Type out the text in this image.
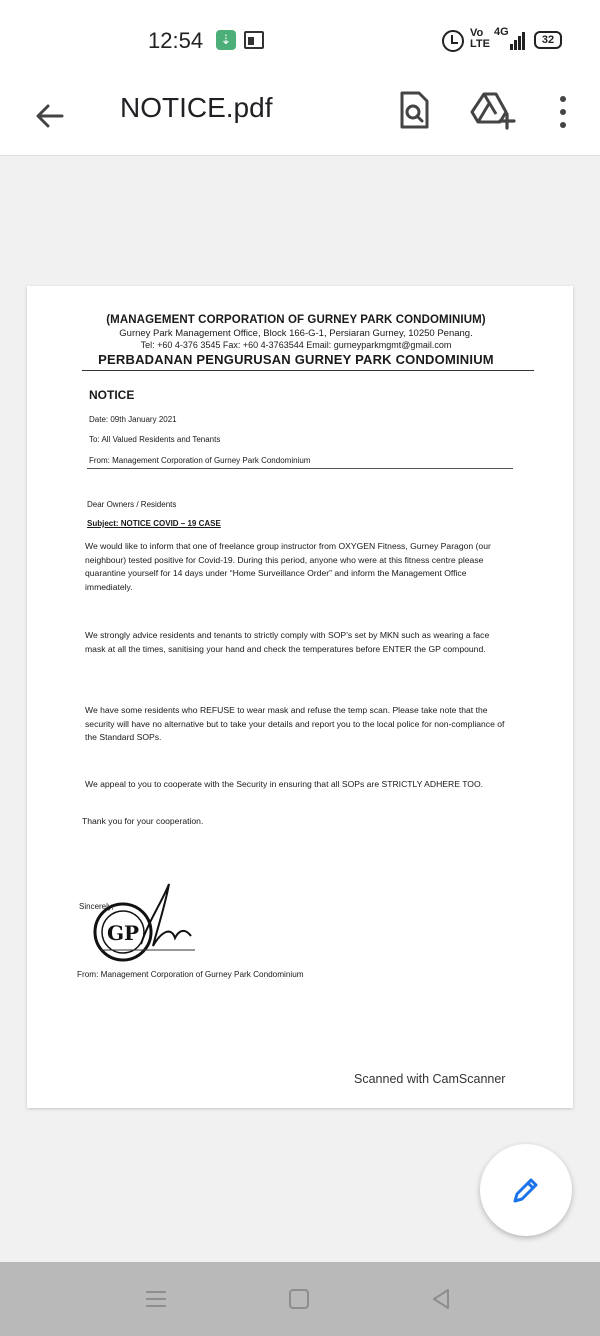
12:54	⇣	Vo LTE
4G
32
NOTICE.pdf
(MANAGEMENT CORPORATION OF GURNEY PARK CONDOMINIUM)
Gurney Park Management Office, Block 166-G-1, Persiaran Gurney, 10250 Penang.
Tel: +60 4-376 3545 Fax: +60 4-3763544 Email: gurneyparkmgmt@gmail.com
PERBADANAN PENGURUSAN GURNEY PARK CONDOMINIUM
NOTICE
Date: 09th January 2021
To: All Valued Residents and Tenants
From: Management Corporation of Gurney Park Condominium
Dear Owners / Residents
Subject: NOTICE COVID – 19 CASE
We would like to inform that one of freelance group instructor from OXYGEN Fitness, Gurney Paragon (our neighbour) tested positive for Covid-19. During this period, anyone who were at this fitness centre please quarantine yourself for 14 days under “Home Surveillance Order” and inform the Management Office immediately.
We strongly advice residents and tenants to strictly comply with SOP’s set by MKN such as wearing a face mask at all the times, sanitising your hand and check the temperatures before ENTER the GP compound.
We have some residents who REFUSE to wear mask and refuse the temp scan. Please take note that the security will have no alternative but to take your details and report you to the local police for non-compliance of the Standard SOPs.
We appeal to you to cooperate with the Security in ensuring that all SOPs are STRICTLY ADHERE TOO.
Thank you for your cooperation.
Sincerely,
GP
From: Management Corporation of Gurney Park Condominium
Scanned with CamScanner
